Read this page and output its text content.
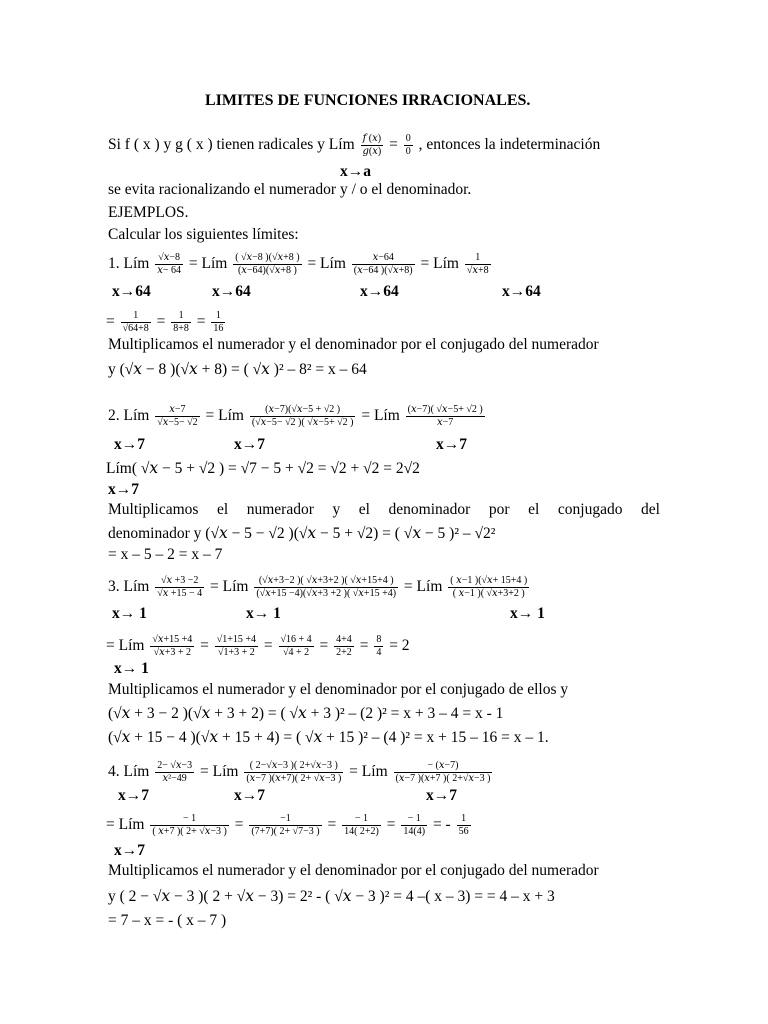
LIMITES DE FUNCIONES IRRACIONALES.
Si f ( x ) y g ( x ) tienen radicales y Lím $\frac{\text{𝑓 (𝑥)}}{\text{𝑔(𝑥)}} = \frac{0}{0}$ , entonces la indeterminación
x→a
se evita racionalizando el numerador y / o el denominador.
EJEMPLOS.
Calcular los siguientes límites:
1. Lím $\frac{\text{√𝑥−8}}{\text{𝑥− 64}}$ = Lím $\frac{\text{( √𝑥−8 )(√𝑥+8 )}}{\text{(𝑥−64)(√𝑥+8 )}}$ = Lím $\frac{\text{𝑥−64}}{\text{(𝑥−64 )(√𝑥+8)}}$ = Lím $\frac{1}{\text{√𝑥+8}}$
x→64	x→64	x→64	x→64
= $\frac{1}{√64+8} = \frac{1}{8+8} = \frac{1}{16}$
Multiplicamos el numerador y el denominador por el conjugado del numerador
y (√𝑥 − 8 )(√𝑥 + 8) = ( √𝑥 )² – 8² = x – 64
2. Lím $\frac{\text{𝑥−7}}{\text{√𝑥−5− √2}}$ = Lím $\frac{\text{(𝑥−7)(√𝑥−5 + √2 )}}{\text{(√𝑥−5− √2 )( √𝑥−5+ √2 )}}$ = Lím $\frac{\text{(𝑥−7)( √𝑥−5+ √2 )}}{\text{𝑥−7}}$
x→7	x→7	x→7
Lím( √𝑥 − 5 + √2 ) = √7 − 5 + √2 = √2 + √2 = 2√2
x→7
Multiplicamos el numerador y el denominador por el conjugado del
denominador y (√𝑥 − 5 − √2 )(√𝑥 − 5 + √2) = ( √𝑥 − 5 )² – √2²
= x – 5 – 2 = x – 7
3. Lím $\frac{\text{√𝑥 +3 −2}}{\text{√𝑥 +15 − 4}}$ = Lím $\frac{\text{(√𝑥+3−2 )( √𝑥+3+2 )( √𝑥+15+4 )}}{\text{(√𝑥+15 −4)(√𝑥+3 +2 )( √𝑥+15 +4)}}$ = Lím $\frac{\text{( 𝑥−1 )(√𝑥+ 15+4 )}}{\text{( 𝑥−1 )( √𝑥+3+2 )}}$
x→ 1	x→ 1	x→ 1
= Lím $\frac{\text{√𝑥+15 +4}}{\text{√𝑥+3 + 2}} = \frac{√1+15 +4}{√1+3 + 2} = \frac{√16 + 4}{√4 + 2} = \frac{4+4}{2+2} = \frac{8}{4} = 2$
x→ 1
Multiplicamos el numerador y el denominador por el conjugado de ellos y
(√𝑥 + 3 − 2 )(√𝑥 + 3 + 2) = ( √𝑥 + 3 )² – (2 )² = x + 3 – 4 = x - 1
(√𝑥 + 15 − 4 )(√𝑥 + 15 + 4) = ( √𝑥 + 15 )² – (4 )² = x + 15 – 16 = x – 1.
4. Lím $\frac{\text{2− √𝑥−3}}{\text{𝑥²−49}}$ = Lím $\frac{\text{( 2−√𝑥−3 )( 2+√𝑥−3 )}}{\text{(𝑥−7 )(𝑥+7)( 2+ √𝑥−3 )}}$ = Lím $\frac{\text{− (𝑥−7)}}{\text{(𝑥−7 )(𝑥+7 )( 2+√𝑥−3 )}}$
x→7	x→7	x→7
= Lím $\frac{- 1}{\text{( 𝑥+7 )( 2+ √𝑥−3 )}} = \frac{-1}{(7+7)( 2+ √7-3 )} = \frac{- 1}{14( 2+2)} = \frac{- 1}{14(4)}$ = - $\frac{1}{56}$
x→7
Multiplicamos el numerador y el denominador por el conjugado del numerador
y ( 2 − √𝑥 − 3 )( 2 + √𝑥 − 3) = 2² - ( √𝑥 − 3 )² = 4 –( x – 3) = = 4 – x + 3
= 7 – x = - ( x – 7 )
